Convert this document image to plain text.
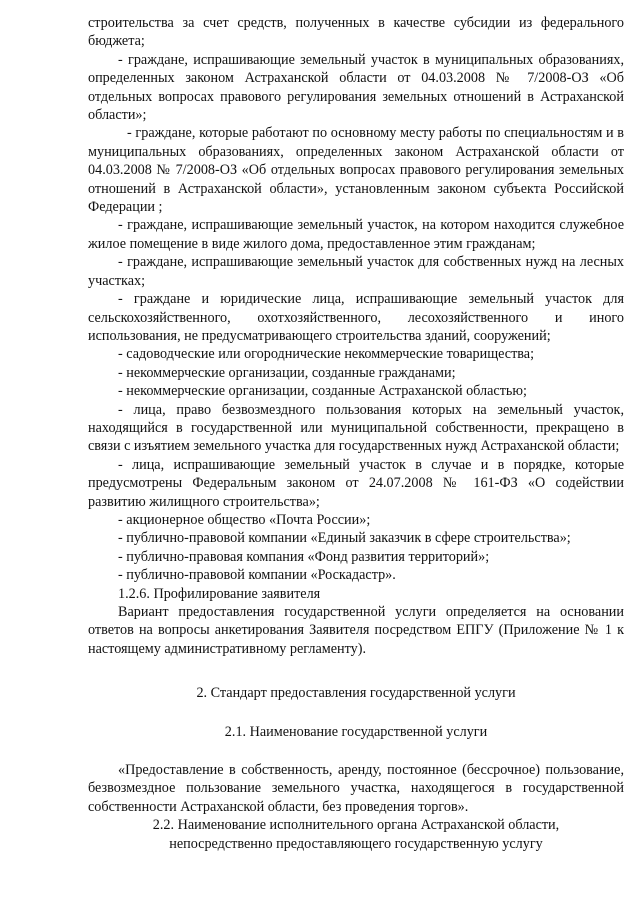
строительства за счет средств, полученных в качестве субсидии из федерального бюджета;

- граждане, испрашивающие земельный участок в муниципальных образованиях, определенных законом Астраханской области от 04.03.2008 № 7/2008-ОЗ «Об отдельных вопросах правового регулирования земельных отношений в Астраханской области»;

- граждане, которые работают по основному месту работы по специальностям и в муниципальных образованиях, определенных законом Астраханской области от 04.03.2008 № 7/2008-ОЗ «Об отдельных вопросах правового регулирования земельных отношений в Астраханской области», установленным законом субъекта Российской Федерации ;

- граждане, испрашивающие земельный участок, на котором находится служебное жилое помещение в виде жилого дома, предоставленное этим гражданам;

- граждане, испрашивающие земельный участок для собственных нужд на лесных участках;

- граждане и юридические лица, испрашивающие земельный участок для сельскохозяйственного, охотхозяйственного, лесохозяйственного и иного использования, не предусматривающего строительства зданий, сооружений;

- садоводческие или огороднические некоммерческие товарищества;

- некоммерческие организации, созданные гражданами;

- некоммерческие организации, созданные Астраханской областью;

- лица, право безвозмездного пользования которых на земельный участок, находящийся в государственной или муниципальной собственности, прекращено в связи с изъятием земельного участка для государственных нужд Астраханской области;

- лица, испрашивающие земельный участок в случае и в порядке, которые предусмотрены Федеральным законом от 24.07.2008 № 161-ФЗ «О содействии развитию жилищного строительства»;

- акционерное общество «Почта России»;

- публично-правовой компании «Единый заказчик в сфере строительства»;

- публично-правовая компания «Фонд развития территорий»;

- публично-правовой компании «Роскадастр».

1.2.6. Профилирование заявителя

Вариант предоставления государственной услуги определяется на основании ответов на вопросы анкетирования Заявителя посредством ЕПГУ (Приложение № 1 к настоящему административному регламенту).

2. Стандарт предоставления государственной услуги

2.1. Наименование государственной услуги

«Предоставление в собственность, аренду, постоянное (бессрочное) пользование, безвозмездное пользование земельного участка, находящегося в государственной собственности Астраханской области, без проведения торгов».

2.2. Наименование исполнительного органа Астраханской области,

непосредственно предоставляющего государственную услугу
